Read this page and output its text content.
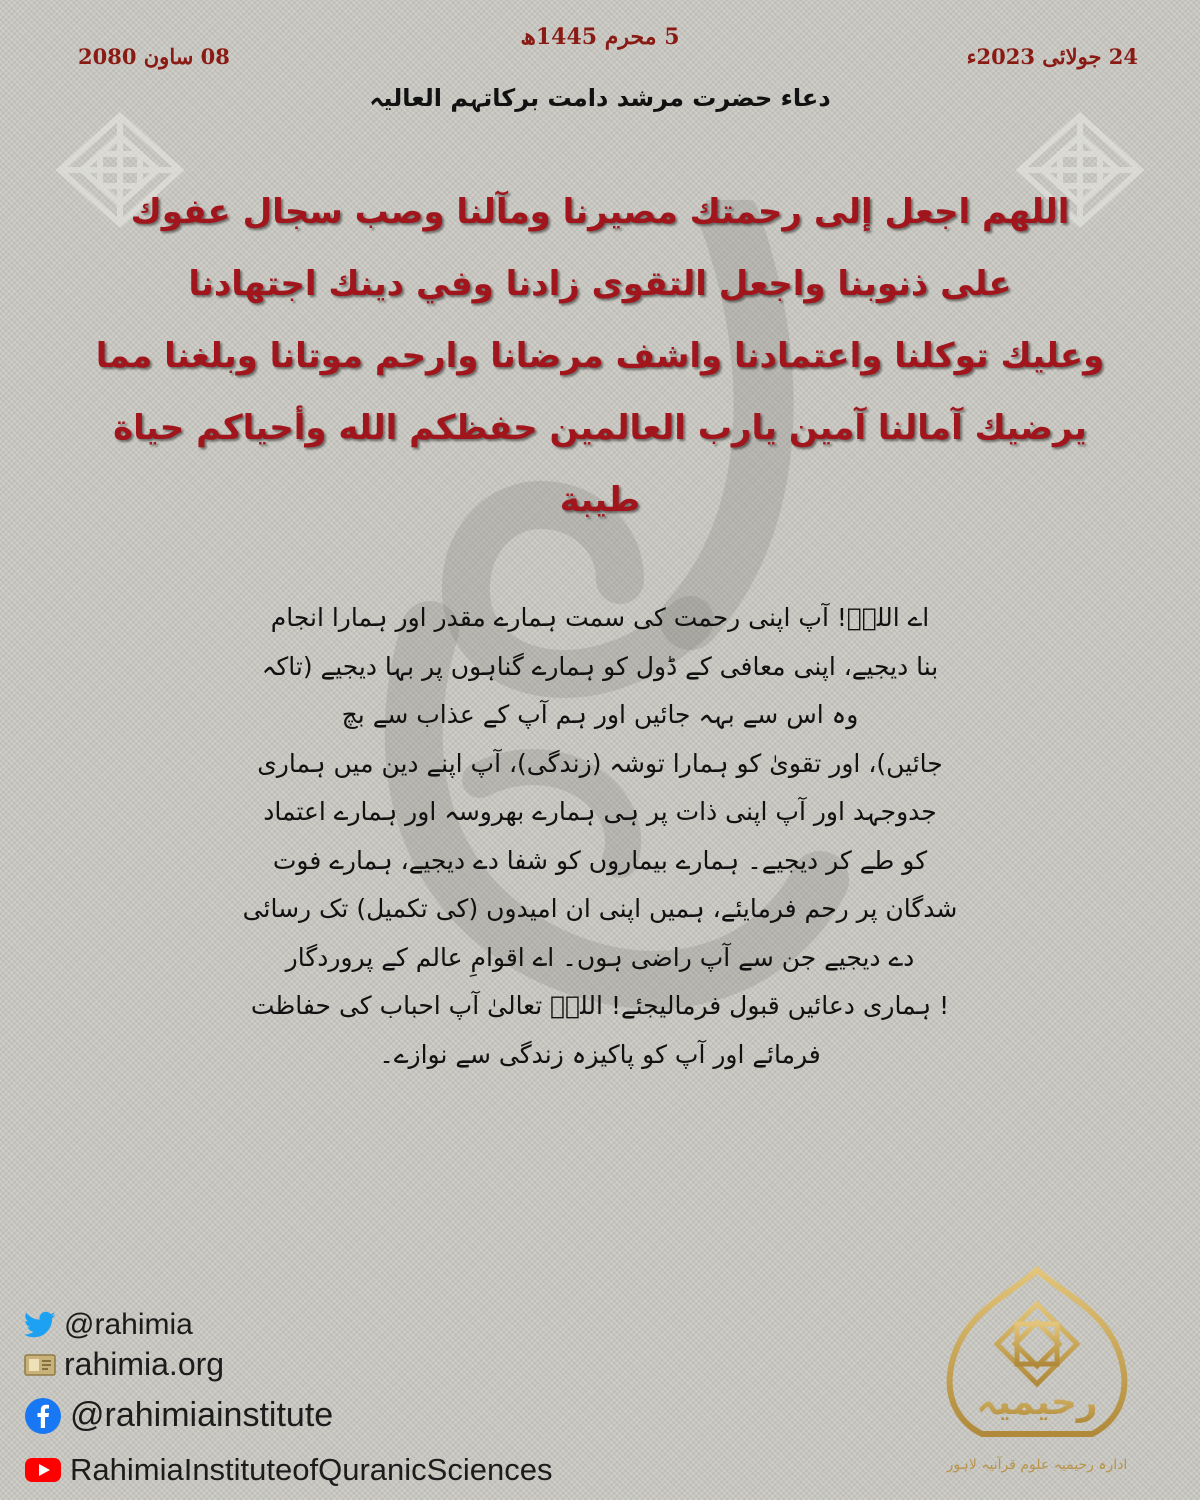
5 محرم 1445ھ
08 ساون 2080	24 جولائی 2023ء
دعاء حضرت مرشد دامت برکاتہم العالیہ
اللهم اجعل إلى رحمتك مصيرنا ومآلنا وصب سجال عفوك
على ذنوبنا واجعل التقوى زادنا وفي دينك اجتهادنا
وعليك توكلنا واعتمادنا واشف مرضانا وارحم موتانا وبلغنا مما
يرضيك آمالنا آمين يارب العالمين حفظكم الله وأحياكم حياة
طيبة
اے اللہؑ! آپ اپنی رحمت کی سمت ہمارے مقدر اور ہمارا انجام
بنا دیجیے، اپنی معافی کے ڈول کو ہمارے گناہوں پر بہا دیجیے (تاکہ
وہ اس سے بہہ جائیں اور ہم آپ کے عذاب سے بچ
جائیں)، اور تقویٰ کو ہمارا توشہ (زندگی)، آپ اپنے دین میں ہماری
جدوجہد اور آپ اپنی ذات پر ہی ہمارے بھروسہ اور ہمارے اعتماد
کو طے کر دیجیے۔ ہمارے بیماروں کو شفا دے دیجیے، ہمارے فوت
شدگان پر رحم فرمایئے، ہمیں اپنی ان امیدوں (کی تکمیل) تک رسائی
دے دیجیے جن سے آپ راضی ہوں۔ اے اقوامِ عالم کے پروردگار
! ہماری دعائیں قبول فرمالیجئے! اللہؑ تعالیٰ آپ احباب کی حفاظت
فرمائے اور آپ کو پاکیزہ زندگی سے نوازے۔
@rahimia
rahimia.org
@rahimiainstitute
RahimiaInstituteofQuranicSciences
رحیمیہ
ادارہ رحیمیہ علوم قرآنیہ لاہور
